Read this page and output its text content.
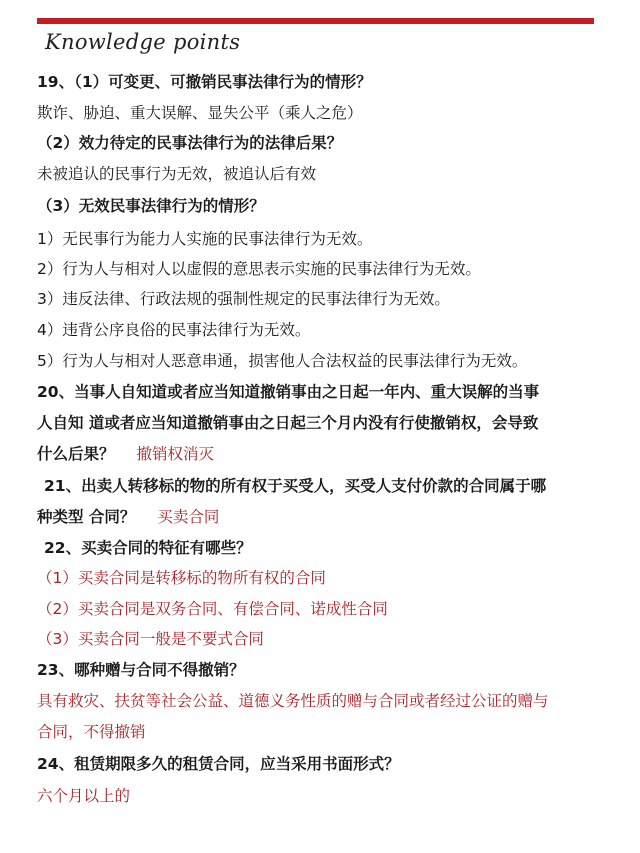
Knowledge points
19、（1）可变更、可撤销民事法律行为的情形？
欺诈、胁迫、重大误解、显失公平（乘人之危）
（2）效力待定的民事法律行为的法律后果？
未被追认的民事行为无效，被追认后有效
（3）无效民事法律行为的情形？
1）无民事行为能力人实施的民事法律行为无效。
2）行为人与相对人以虚假的意思表示实施的民事法律行为无效。
3）违反法律、行政法规的强制性规定的民事法律行为无效。
4）违背公序良俗的民事法律行为无效。
5）行为人与相对人恶意串通，损害他人合法权益的民事法律行为无效。
20、当事人自知道或者应当知道撤销事由之日起一年内、重大误解的当事
人自知 道或者应当知道撤销事由之日起三个月内没有行使撤销权，会导致
什么后果？ 撤销权消灭
21、出卖人转移标的物的所有权于买受人，买受人支付价款的合同属于哪
种类型 合同？ 买卖合同
22、买卖合同的特征有哪些？
（1）买卖合同是转移标的物所有权的合同
（2）买卖合同是双务合同、有偿合同、诺成性合同
（3）买卖合同一般是不要式合同
23、哪种赠与合同不得撤销？
具有救灾、扶贫等社会公益、道德义务性质的赠与合同或者经过公证的赠与
合同，不得撤销
24、租赁期限多久的租赁合同，应当采用书面形式？
六个月以上的
